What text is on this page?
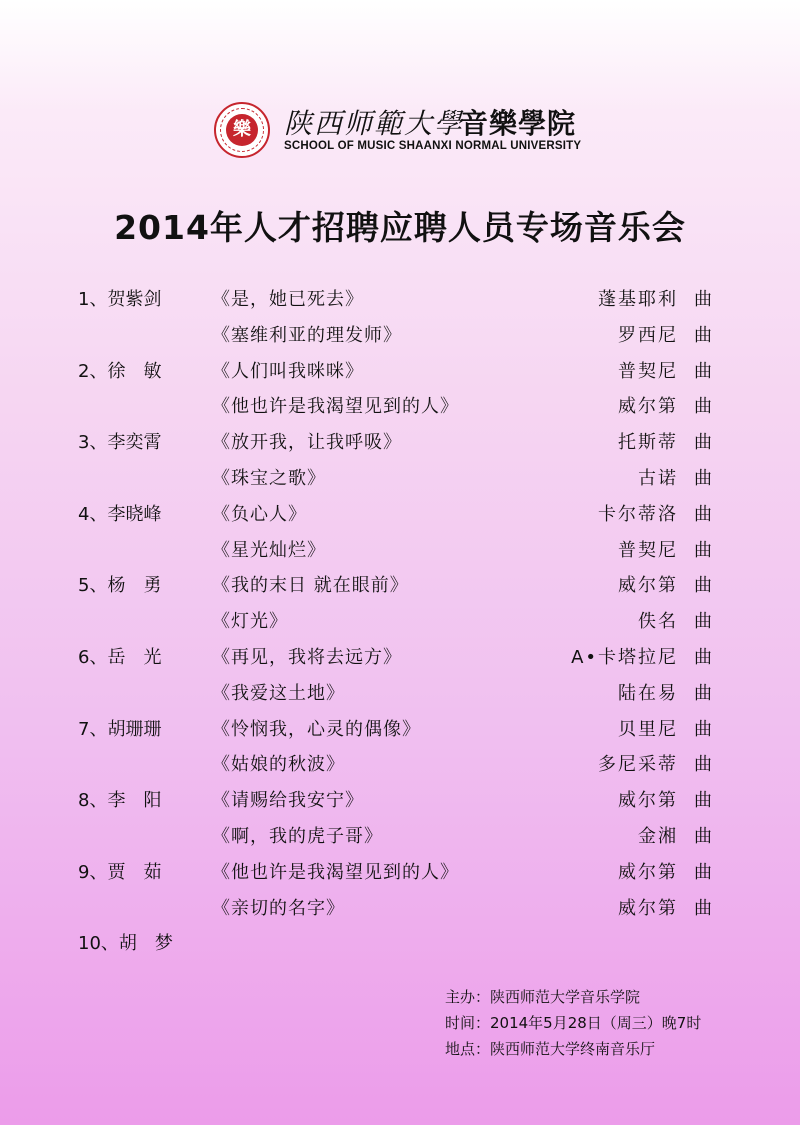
樂 陕西师範大學
音樂學院
SCHOOL OF MUSIC SHAANXI NORMAL UNIVERSITY
2014年人才招聘应聘人员专场音乐会
1、贺紫剑	《是，她已死去》	蓬基耶利 曲
《塞维利亚的理发师》	罗西尼 曲
2、徐　敏	《人们叫我咪咪》	普契尼 曲
《他也许是我渴望见到的人》	威尔第 曲
3、李奕霄	《放开我，让我呼吸》	托斯蒂 曲
《珠宝之歌》	古诺 曲
4、李晓峰	《负心人》	卡尔蒂洛 曲
《星光灿烂》	普契尼 曲
5、杨　勇	《我的末日 就在眼前》	威尔第 曲
《灯光》	佚名 曲
6、岳　光	《再见，我将去远方》	A•卡塔拉尼 曲
《我爱这土地》	陆在易 曲
7、胡珊珊	《怜悯我，心灵的偶像》	贝里尼 曲
《姑娘的秋波》	多尼采蒂 曲
8、李　阳	《请赐给我安宁》	威尔第 曲
《啊，我的虎子哥》	金湘 曲
9、贾　茹	《他也许是我渴望见到的人》	威尔第 曲
《亲切的名字》	威尔第 曲
10、胡　梦
主办：陕西师范大学音乐学院
时间：2014年5月28日（周三）晚7时
地点：陕西师范大学终南音乐厅
